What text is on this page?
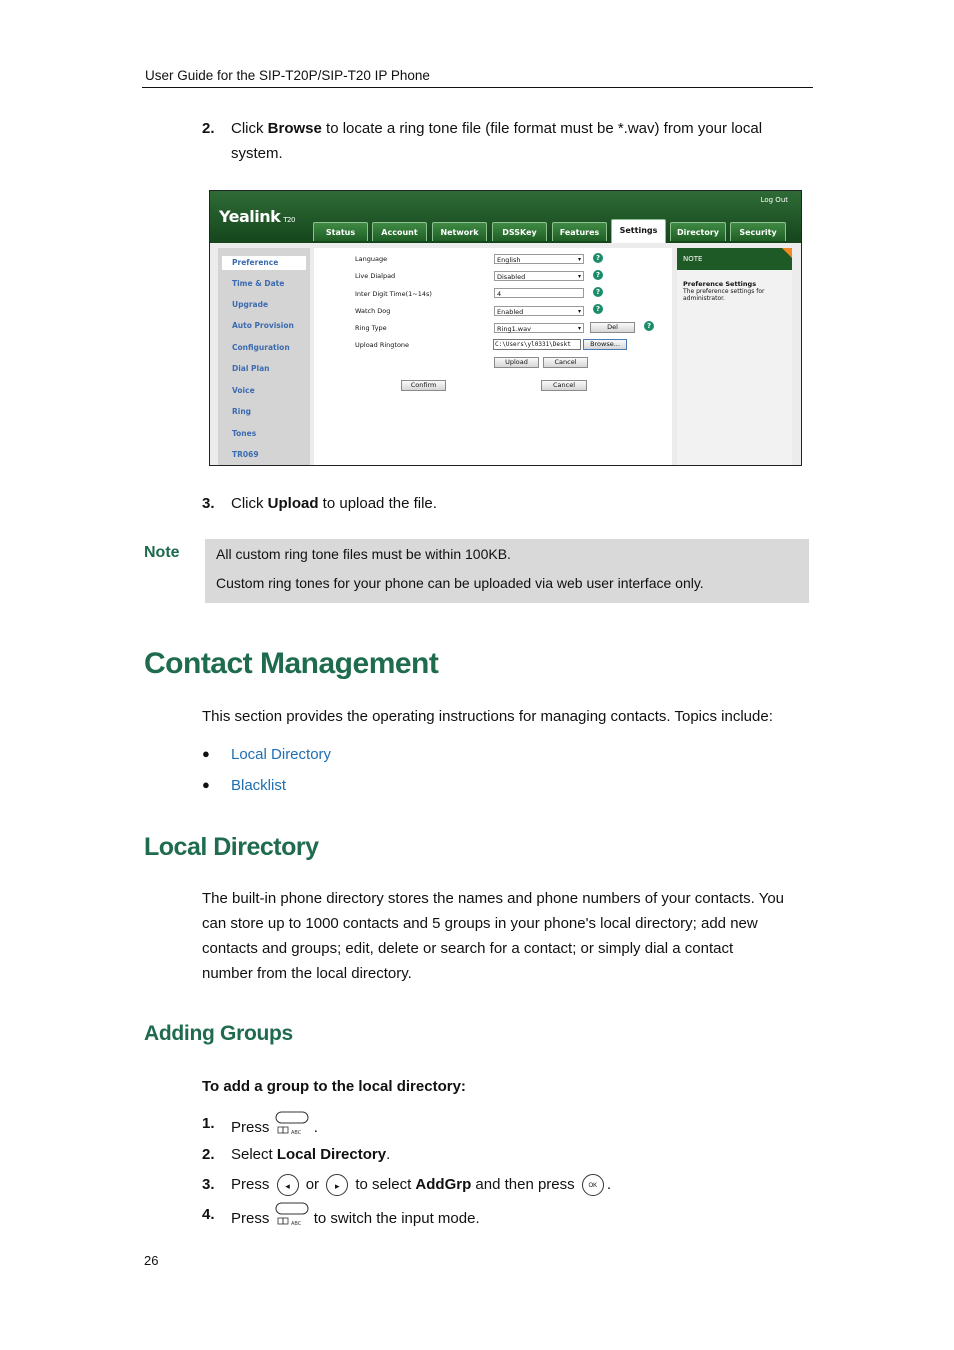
User Guide for the SIP-T20P/SIP-T20 IP Phone
2. Click Browse to locate a ring tone file (file format must be *.wav) from your local system.
Yealink T20
Log Out
Status	Account	Network	DSSKey	Features	Settings	Directory	Security
Preference
Time & Date
Upgrade
Auto Provision
Configuration
Dial Plan
Voice
Ring
Tones
TR069
Language	English	▾	?
Live Dialpad	Disabled	▾	?
Inter Digit Time(1~14s)	4	?
Watch Dog	Enabled	▾	?
Ring Type	Ring1.wav	▾	Del	?
Upload Ringtone	C:\Users\yl0331\Deskt	Browse...
Upload	Cancel
Confirm	Cancel
NOTE
Preference Settings
The preference settings for administrator.
3. Click Upload to upload the file.
Note	All custom ring tone files must be within 100KB.
Custom ring tones for your phone can be uploaded via web user interface only.
Contact Management
This section provides the operating instructions for managing contacts. Topics include:
● Local Directory
● Blacklist
Local Directory
The built-in phone directory stores the names and phone numbers of your contacts. You
can store up to 1000 contacts and 5 groups in your phone's local directory; add new
contacts and groups; edit, delete or search for a contact; or simply dial a contact
number from the local directory.
Adding Groups
To add a group to the local directory:
1. Press	ABC .
2. Select Local Directory.
3. Press ◂ or ▸ to select AddGrp and then press OK .
4. Press	ABC to switch the input mode.
26
